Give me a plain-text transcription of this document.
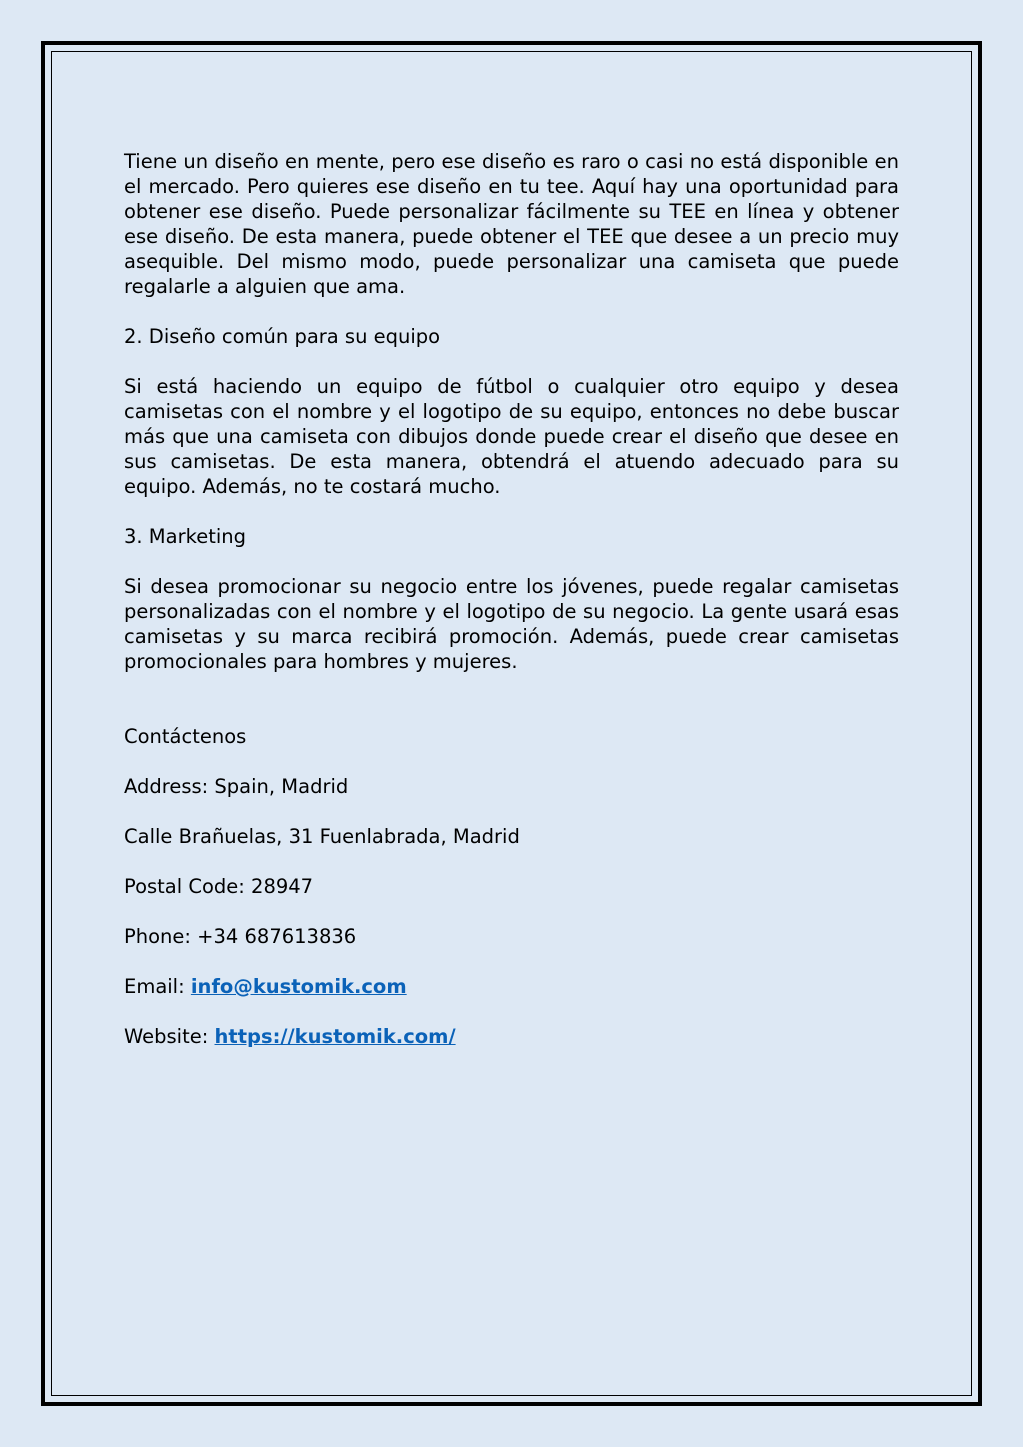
Tiene un diseño en mente, pero ese diseño es raro o casi no está disponible en el mercado. Pero quieres ese diseño en tu tee. Aquí hay una oportunidad para obtener ese diseño. Puede personalizar fácilmente su TEE en línea y obtener ese diseño. De esta manera, puede obtener el TEE que desee a un precio muy asequible. Del mismo modo, puede personalizar una camiseta que puede regalarle a alguien que ama.

2. Diseño común para su equipo

Si está haciendo un equipo de fútbol o cualquier otro equipo y desea camisetas con el nombre y el logotipo de su equipo, entonces no debe buscar más que una camiseta con dibujos donde puede crear el diseño que desee en sus camisetas. De esta manera, obtendrá el atuendo adecuado para su equipo. Además, no te costará mucho.

3. Marketing

Si desea promocionar su negocio entre los jóvenes, puede regalar camisetas personalizadas con el nombre y el logotipo de su negocio. La gente usará esas camisetas y su marca recibirá promoción. Además, puede crear camisetas promocionales para hombres y mujeres.

Contáctenos

Address: Spain, Madrid

Calle Brañuelas, 31 Fuenlabrada, Madrid

Postal Code: 28947

Phone: +34 687613836

Email: info@kustomik.com

Website: https://kustomik.com/
